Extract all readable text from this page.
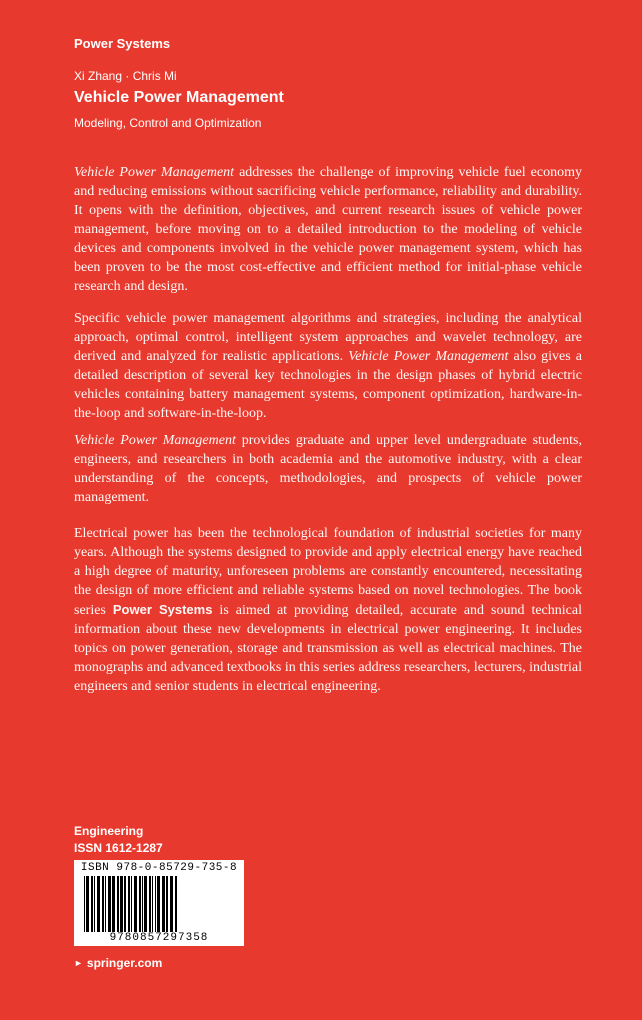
Power Systems
Xi Zhang · Chris Mi
Vehicle Power Management
Modeling, Control and Optimization

Vehicle Power Management addresses the challenge of improving vehicle fuel economy and reducing emissions without sacrificing vehicle performance, reliability and durability. It opens with the definition, objectives, and current research issues of vehicle power management, before moving on to a detailed introduction to the modeling of vehicle devices and components involved in the vehicle power management system, which has been proven to be the most cost-effective and efficient method for initial-phase vehicle research and design.

Specific vehicle power management algorithms and strategies, including the analytical approach, optimal control, intelligent system approaches and wavelet technology, are derived and analyzed for realistic applications. Vehicle Power Management also gives a detailed description of several key technologies in the design phases of hybrid electric vehicles containing battery management systems, component optimization, hardware-in-the-loop and software-in-the-loop.

Vehicle Power Management provides graduate and upper level undergraduate students, engineers, and researchers in both academia and the automotive industry, with a clear understanding of the concepts, methodologies, and prospects of vehicle power management.

Electrical power has been the technological foundation of industrial societies for many years. Although the systems designed to provide and apply electrical energy have reached a high degree of maturity, unforeseen problems are constantly encountered, necessitating the design of more efficient and reliable systems based on novel technologies. The book series Power Systems is aimed at providing detailed, accurate and sound technical information about these new developments in electrical power engineering. It includes topics on power generation, storage and transmission as well as electrical machines. The monographs and advanced textbooks in this series address researchers, lecturers, industrial engineers and senior students in electrical engineering.

Engineering
ISSN 1612-1287
ISBN 978-0-85729-735-8
9780857297358
► springer.com
